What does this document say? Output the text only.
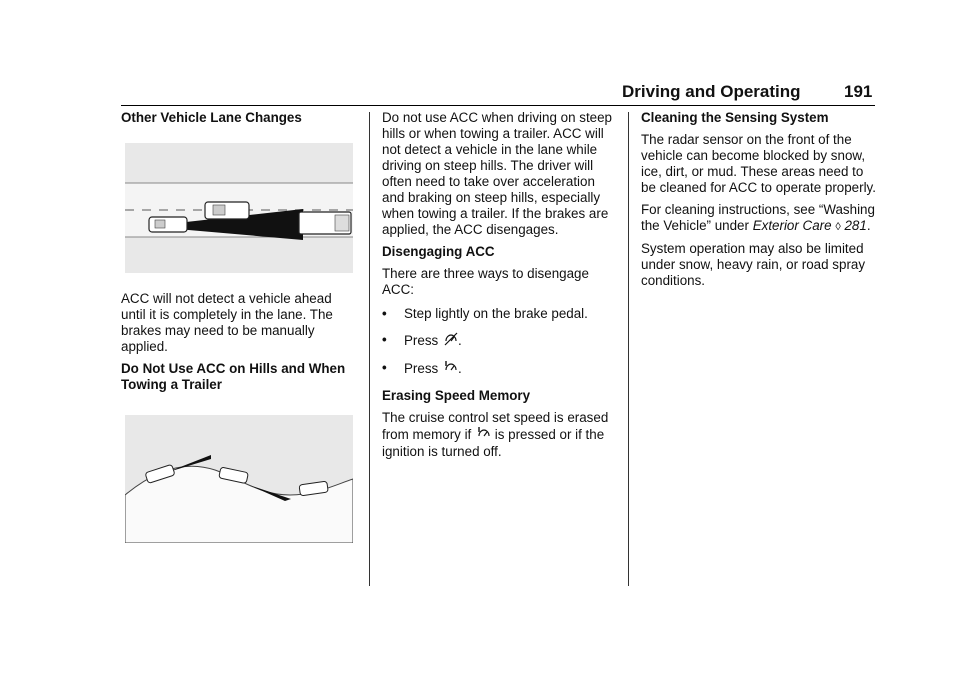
Driving and Operating	191
Other Vehicle Lane Changes

ACC will not detect a vehicle ahead until it is completely in the lane. The brakes may need to be manually applied.

Do Not Use ACC on Hills and When Towing a Trailer

Do not use ACC when driving on steep hills or when towing a trailer. ACC will not detect a vehicle in the lane while driving on steep hills. The driver will often need to take over acceleration and braking on steep hills, especially when towing a trailer. If the brakes are applied, the ACC disengages.

Disengaging ACC

There are three ways to disengage ACC:

• Step lightly on the brake pedal.
• Press .
• Press .
Erasing Speed Memory

The cruise control set speed is erased from memory if is pressed or if the ignition is turned off.

Cleaning the Sensing System

The radar sensor on the front of the vehicle can become blocked by snow, ice, dirt, or mud. These areas need to be cleaned for ACC to operate properly.

For cleaning instructions, see “Washing the Vehicle” under Exterior Care ◊ 281.

System operation may also be limited under snow, heavy rain, or road spray conditions.
